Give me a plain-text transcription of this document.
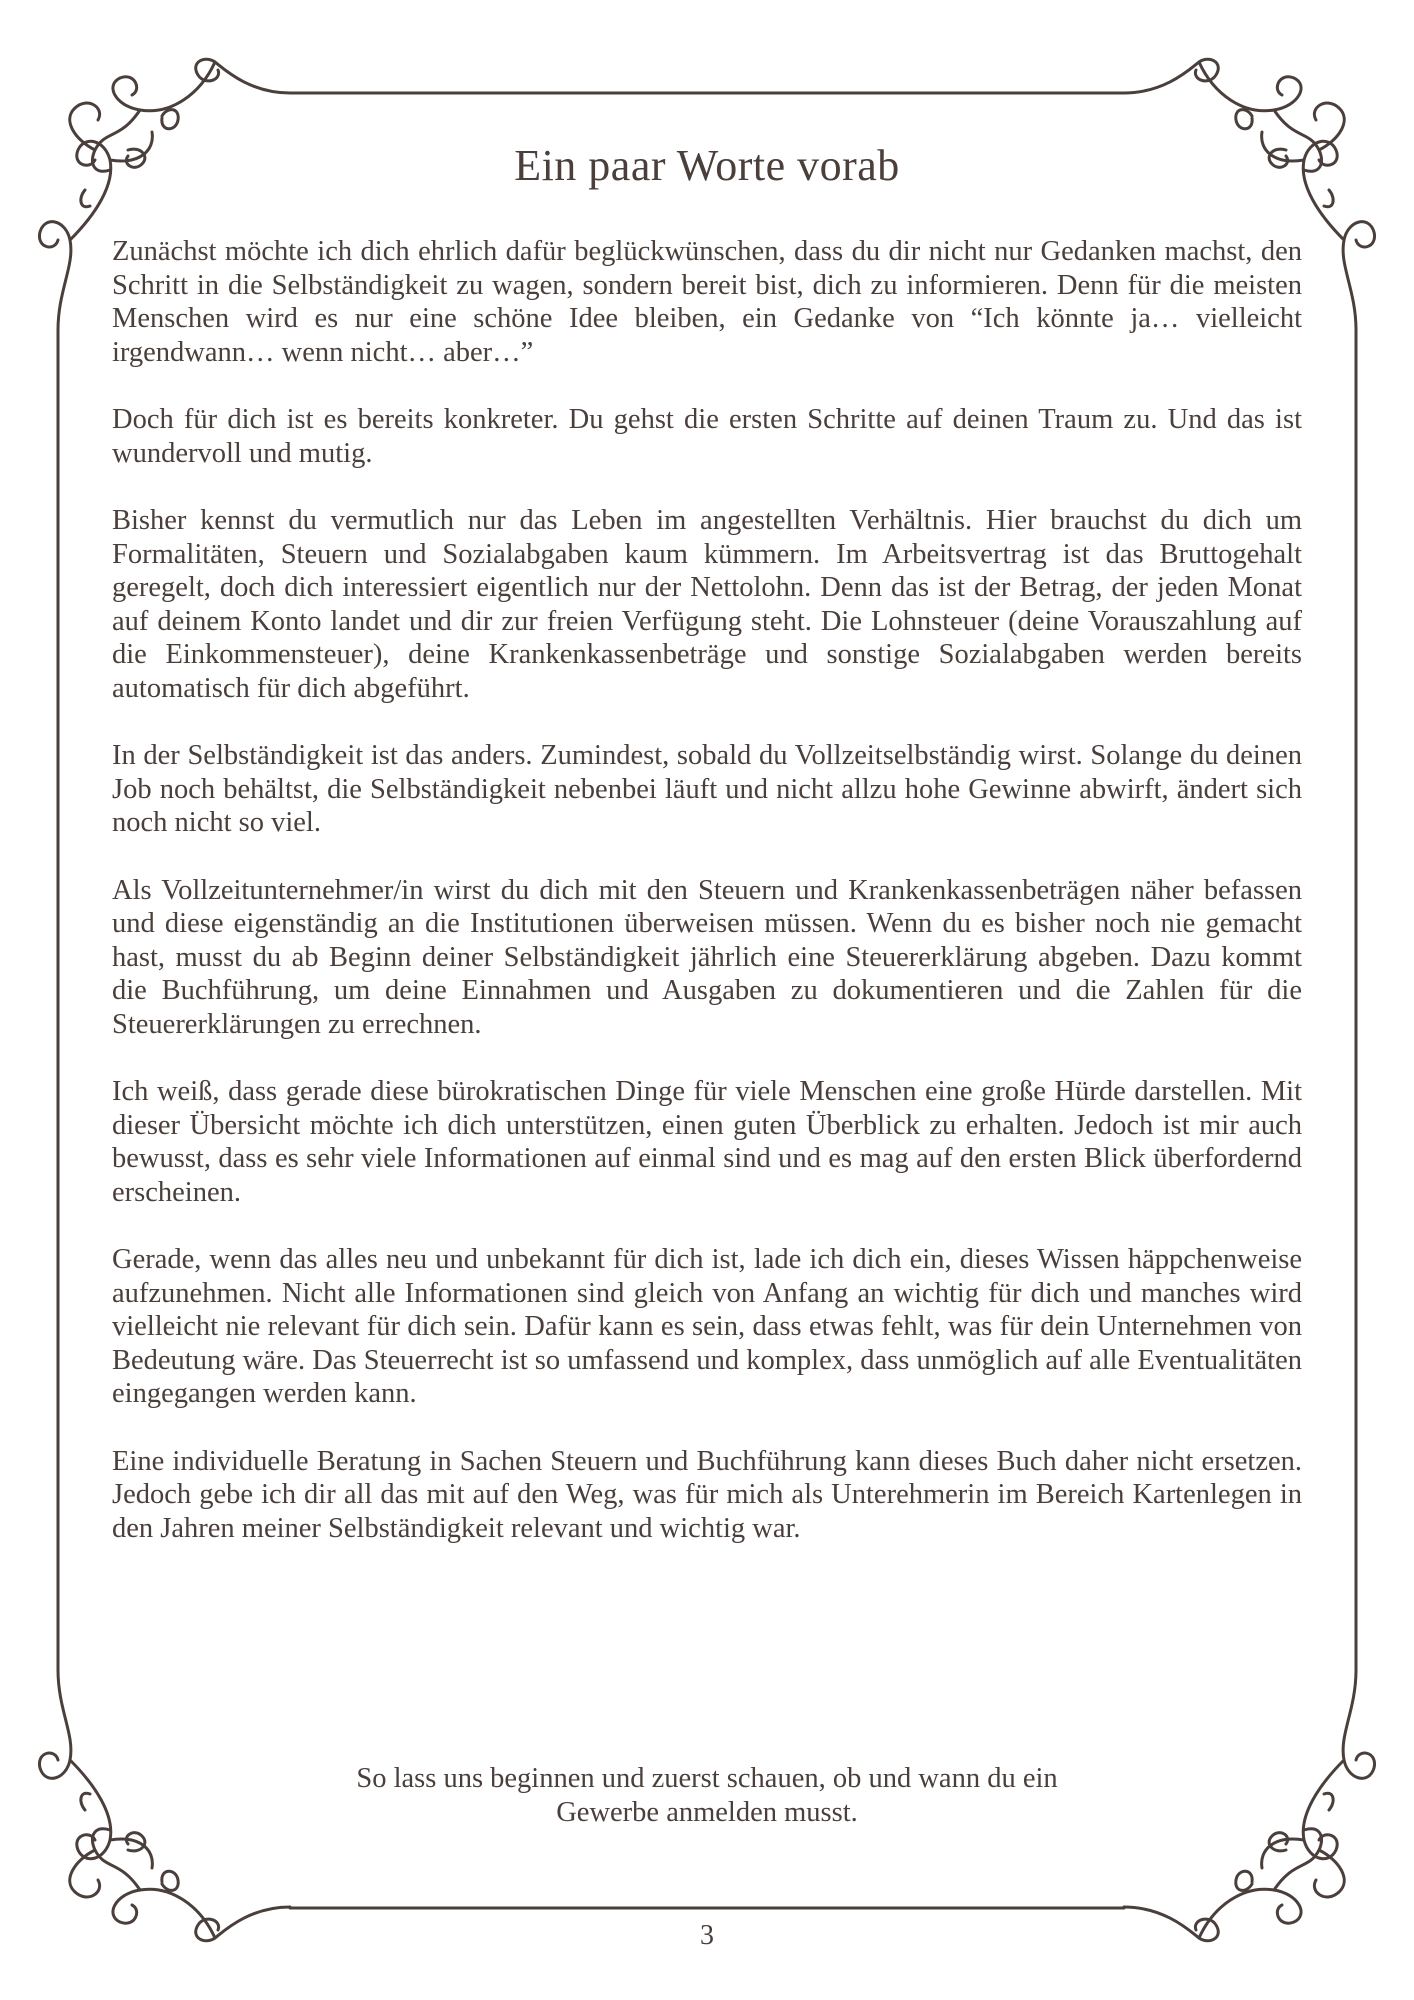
Ein paar Worte vorab

Zunächst möchte ich dich ehrlich dafür beglückwünschen, dass du dir nicht nur Gedanken machst, den Schritt in die Selbständigkeit zu wagen, sondern bereit bist, dich zu informieren. Denn für die meisten Menschen wird es nur eine schöne Idee bleiben, ein Gedanke von “Ich könnte ja… vielleicht irgendwann… wenn nicht… aber…”

Doch für dich ist es bereits konkreter. Du gehst die ersten Schritte auf deinen Traum zu. Und das ist wundervoll und mutig.

Bisher kennst du vermutlich nur das Leben im angestellten Verhältnis. Hier brauchst du dich um Formalitäten, Steuern und Sozialabgaben kaum kümmern. Im Arbeitsvertrag ist das Bruttogehalt geregelt, doch dich interessiert eigentlich nur der Nettolohn. Denn das ist der Betrag, der jeden Monat auf deinem Konto landet und dir zur freien Verfügung steht. Die Lohnsteuer (deine Vorauszahlung auf die Einkommensteuer), deine Krankenkassenbeträge und sonstige Sozialabgaben werden bereits automatisch für dich abgeführt.

In der Selbständigkeit ist das anders. Zumindest, sobald du Vollzeitselbständig wirst. Solange du deinen Job noch behältst, die Selbständigkeit nebenbei läuft und nicht allzu hohe Gewinne abwirft, ändert sich noch nicht so viel.

Als Vollzeitunternehmer/in wirst du dich mit den Steuern und Krankenkassenbeträgen näher befassen und diese eigenständig an die Institutionen überweisen müssen. Wenn du es bisher noch nie gemacht hast, musst du ab Beginn deiner Selbständigkeit jährlich eine Steuererklärung abgeben. Dazu kommt die Buchführung, um deine Einnahmen und Ausgaben zu dokumentieren und die Zahlen für die Steuererklärungen zu errechnen.

Ich weiß, dass gerade diese bürokratischen Dinge für viele Menschen eine große Hürde darstellen. Mit dieser Übersicht möchte ich dich unterstützen, einen guten Überblick zu erhalten. Jedoch ist mir auch bewusst, dass es sehr viele Informationen auf einmal sind und es mag auf den ersten Blick überfordernd erscheinen.

Gerade, wenn das alles neu und unbekannt für dich ist, lade ich dich ein, dieses Wissen häppchenweise aufzunehmen. Nicht alle Informationen sind gleich von Anfang an wichtig für dich und manches wird vielleicht nie relevant für dich sein. Dafür kann es sein, dass etwas fehlt, was für dein Unternehmen von Bedeutung wäre. Das Steuerrecht ist so umfassend und komplex, dass unmöglich auf alle Eventualitäten eingegangen werden kann.

Eine individuelle Beratung in Sachen Steuern und Buchführung kann dieses Buch daher nicht ersetzen. Jedoch gebe ich dir all das mit auf den Weg, was für mich als Unterehmerin im Bereich Kartenlegen in den Jahren meiner Selbständigkeit relevant und wichtig war.

So lass uns beginnen und zuerst schauen, ob und wann du ein
Gewerbe anmelden musst.
3
